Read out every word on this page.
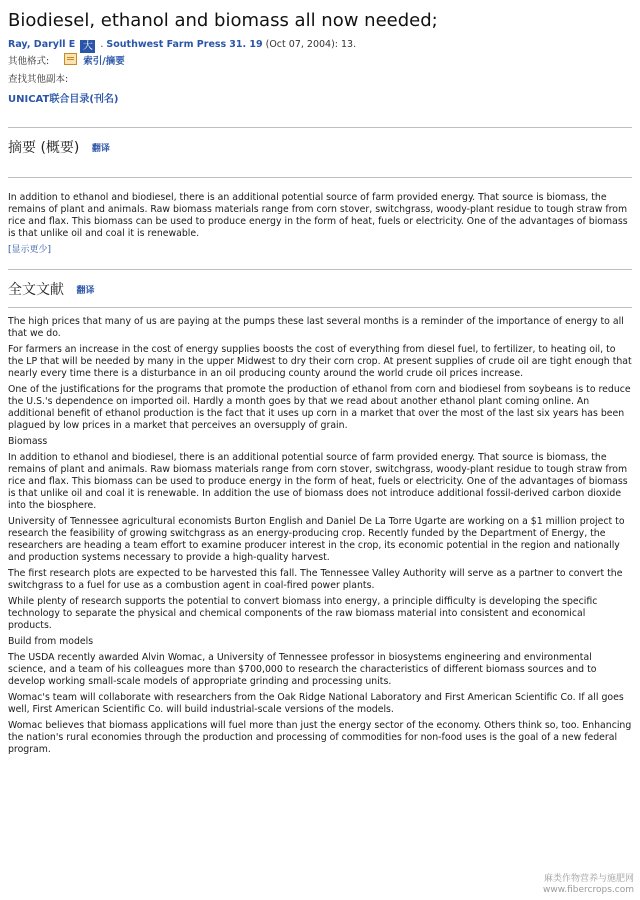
Biodiesel, ethanol and biomass all now needed;
Ray, Daryll E 大 . Southwest Farm Press 31. 19 (Oct 07, 2004): 13.
其他格式:	索引/摘要
查找其他副本:
UNICAT联合目录(刊名)
摘要 (概要) 翻译

In addition to ethanol and biodiesel, there is an additional potential source of farm provided energy. That source is biomass, the remains of plant and animals. Raw biomass materials range from corn stover, switchgrass, woody-plant residue to tough straw from rice and flax. This biomass can be used to produce energy in the form of heat, fuels or electricity. One of the advantages of biomass is that unlike oil and coal it is renewable.

[显示更少]
全文文献 翻译

The high prices that many of us are paying at the pumps these last several months is a reminder of the importance of energy to all that we do.

For farmers an increase in the cost of energy supplies boosts the cost of everything from diesel fuel, to fertilizer, to heating oil, to the LP that will be needed by many in the upper Midwest to dry their corn crop. At present supplies of crude oil are tight enough that nearly every time there is a disturbance in an oil producing county around the world crude oil prices increase.

One of the justifications for the programs that promote the production of ethanol from corn and biodiesel from soybeans is to reduce the U.S.'s dependence on imported oil. Hardly a month goes by that we read about another ethanol plant coming online. An additional benefit of ethanol production is the fact that it uses up corn in a market that over the most of the last six years has been plagued by low prices in a market that perceives an oversupply of grain.

Biomass

In addition to ethanol and biodiesel, there is an additional potential source of farm provided energy. That source is biomass, the remains of plant and animals. Raw biomass materials range from corn stover, switchgrass, woody-plant residue to tough straw from rice and flax. This biomass can be used to produce energy in the form of heat, fuels or electricity. One of the advantages of biomass is that unlike oil and coal it is renewable. In addition the use of biomass does not introduce additional fossil-derived carbon dioxide into the biosphere.

University of Tennessee agricultural economists Burton English and Daniel De La Torre Ugarte are working on a $1 million project to research the feasibility of growing switchgrass as an energy-producing crop. Recently funded by the Department of Energy, the researchers are heading a team effort to examine producer interest in the crop, its economic potential in the region and nationally and production systems necessary to provide a high-quality harvest.

The first research plots are expected to be harvested this fall. The Tennessee Valley Authority will serve as a partner to convert the switchgrass to a fuel for use as a combustion agent in coal-fired power plants.

While plenty of research supports the potential to convert biomass into energy, a principle difficulty is developing the specific technology to separate the physical and chemical components of the raw biomass material into consistent and economical products.

Build from models

The USDA recently awarded Alvin Womac, a University of Tennessee professor in biosystems engineering and environmental science, and a team of his colleagues more than $700,000 to research the characteristics of different biomass sources and to develop working small-scale models of appropriate grinding and processing units.

Womac's team will collaborate with researchers from the Oak Ridge National Laboratory and First American Scientific Co. If all goes well, First American Scientific Co. will build industrial-scale versions of the models.

Womac believes that biomass applications will fuel more than just the energy sector of the economy. Others think so, too. Enhancing the nation's rural economies through the production and processing of commodities for non-food uses is the goal of a new federal program.

麻类作物营养与施肥网
www.fibercrops.com
